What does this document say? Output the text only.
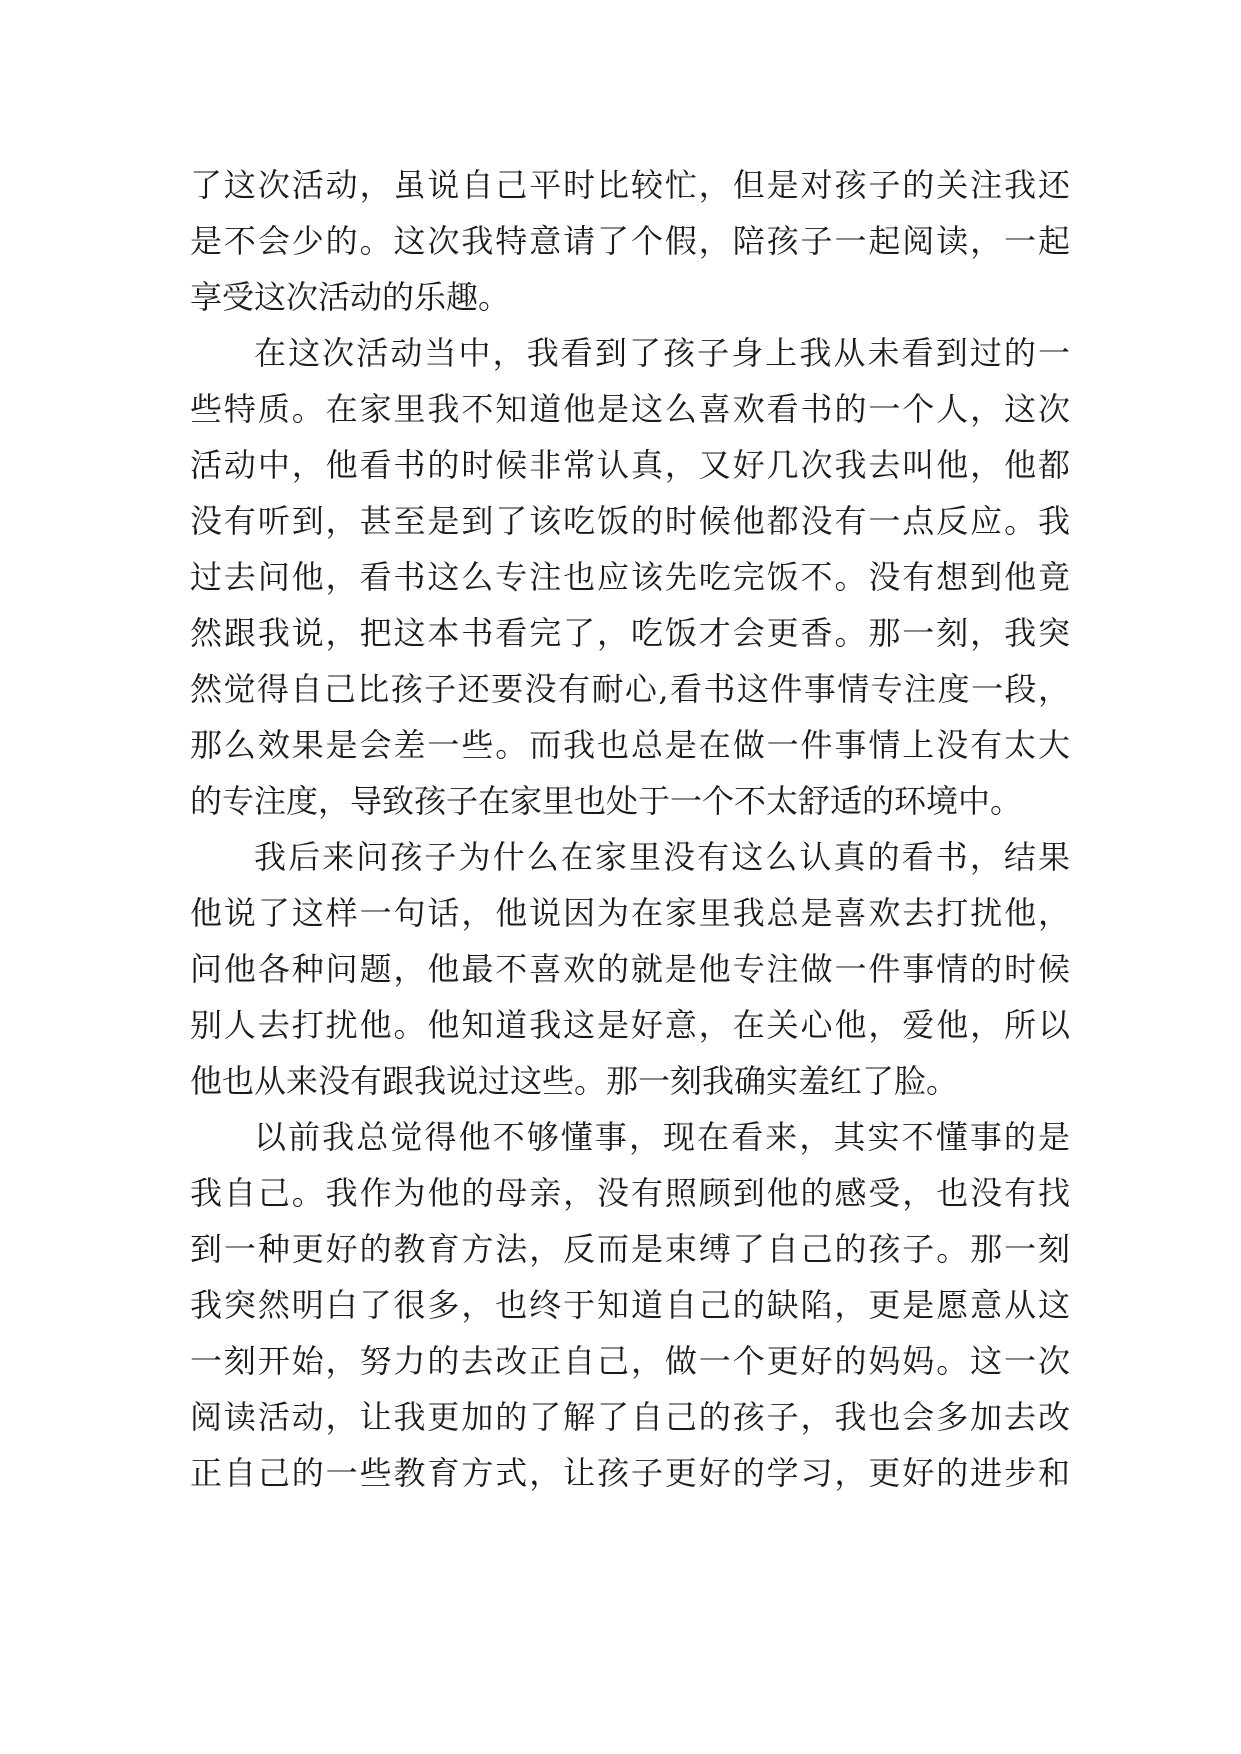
了这次活动，虽说自己平时比较忙，但是对孩子的关注我还

是不会少的。这次我特意请了个假，陪孩子一起阅读，一起

享受这次活动的乐趣。

在这次活动当中，我看到了孩子身上我从未看到过的一

些特质。在家里我不知道他是这么喜欢看书的一个人，这次

活动中，他看书的时候非常认真，又好几次我去叫他，他都

没有听到，甚至是到了该吃饭的时候他都没有一点反应。我

过去问他，看书这么专注也应该先吃完饭不。没有想到他竟

然跟我说，把这本书看完了，吃饭才会更香。那一刻，我突

然觉得自己比孩子还要没有耐心,看书这件事情专注度一段，

那么效果是会差一些。而我也总是在做一件事情上没有太大

的专注度，导致孩子在家里也处于一个不太舒适的环境中。

我后来问孩子为什么在家里没有这么认真的看书，结果

他说了这样一句话，他说因为在家里我总是喜欢去打扰他，

问他各种问题，他最不喜欢的就是他专注做一件事情的时候

别人去打扰他。他知道我这是好意，在关心他，爱他，所以

他也从来没有跟我说过这些。那一刻我确实羞红了脸。

以前我总觉得他不够懂事，现在看来，其实不懂事的是

我自己。我作为他的母亲，没有照顾到他的感受，也没有找

到一种更好的教育方法，反而是束缚了自己的孩子。那一刻

我突然明白了很多，也终于知道自己的缺陷，更是愿意从这

一刻开始，努力的去改正自己，做一个更好的妈妈。这一次

阅读活动，让我更加的了解了自己的孩子，我也会多加去改

正自己的一些教育方式，让孩子更好的学习，更好的进步和
